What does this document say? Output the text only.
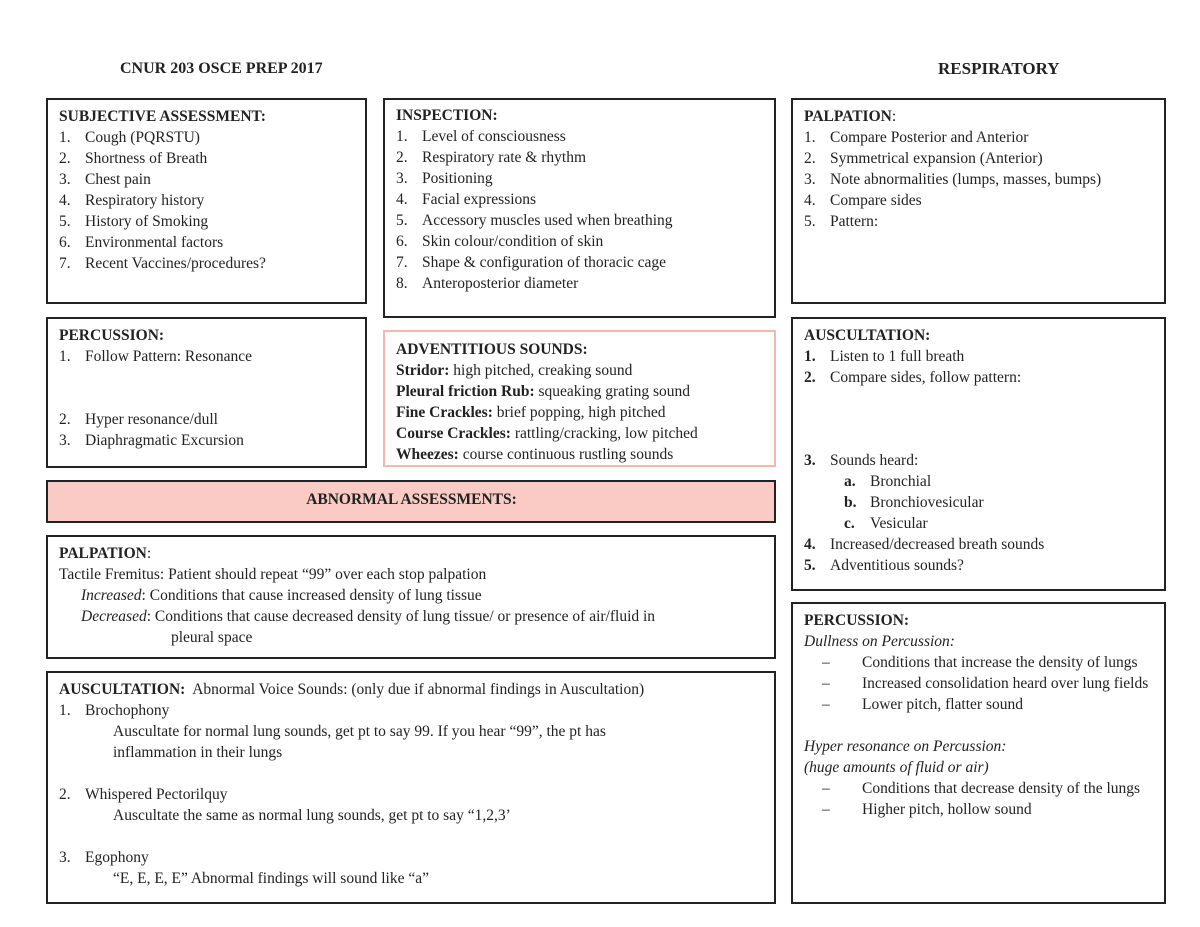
CNUR 203 OSCE PREP 2017	RESPIRATORY
SUBJECTIVE ASSESSMENT:
1. Cough (PQRSTU)
2. Shortness of Breath
3. Chest pain
4. Respiratory history
5. History of Smoking
6. Environmental factors
7. Recent Vaccines/procedures?
INSPECTION:
1. Level of consciousness
2. Respiratory rate & rhythm
3. Positioning
4. Facial expressions
5. Accessory muscles used when breathing
6. Skin colour/condition of skin
7. Shape & configuration of thoracic cage
8. Anteroposterior diameter
PALPATION:
1. Compare Posterior and Anterior
2. Symmetrical expansion (Anterior)
3. Note abnormalities (lumps, masses, bumps)
4. Compare sides
5. Pattern:
PERCUSSION:
1. Follow Pattern: Resonance
2. Hyper resonance/dull
3. Diaphragmatic Excursion
ADVENTITIOUS SOUNDS:
Stridor: high pitched, creaking sound
Pleural friction Rub: squeaking grating sound
Fine Crackles: brief popping, high pitched
Course Crackles: rattling/cracking, low pitched
Wheezes: course continuous rustling sounds
AUSCULTATION:
1. Listen to 1 full breath
2. Compare sides, follow pattern:
3. Sounds heard:
a. Bronchial
b. Bronchiovesicular
c. Vesicular
4. Increased/decreased breath sounds
5. Adventitious sounds?
ABNORMAL ASSESSMENTS:
PALPATION:
Tactile Fremitus: Patient should repeat “99” over each stop palpation
Increased: Conditions that cause increased density of lung tissue
Decreased: Conditions that cause decreased density of lung tissue/ or presence of air/fluid in
pleural space
AUSCULTATION:  Abnormal Voice Sounds: (only due if abnormal findings in Auscultation)
1. Brochophony
Auscultate for normal lung sounds, get pt to say 99. If you hear “99”, the pt has
inflammation in their lungs
2. Whispered Pectorilquy
Auscultate the same as normal lung sounds, get pt to say “1,2,3’
3. Egophony
“E, E, E, E” Abnormal findings will sound like “a”
PERCUSSION:
Dullness on Percussion:
–	Conditions that increase the density of lungs
–	Increased consolidation heard over lung fields
–	Lower pitch, flatter sound
Hyper resonance on Percussion:
(huge amounts of fluid or air)
–	Conditions that decrease density of the lungs
–	Higher pitch, hollow sound
